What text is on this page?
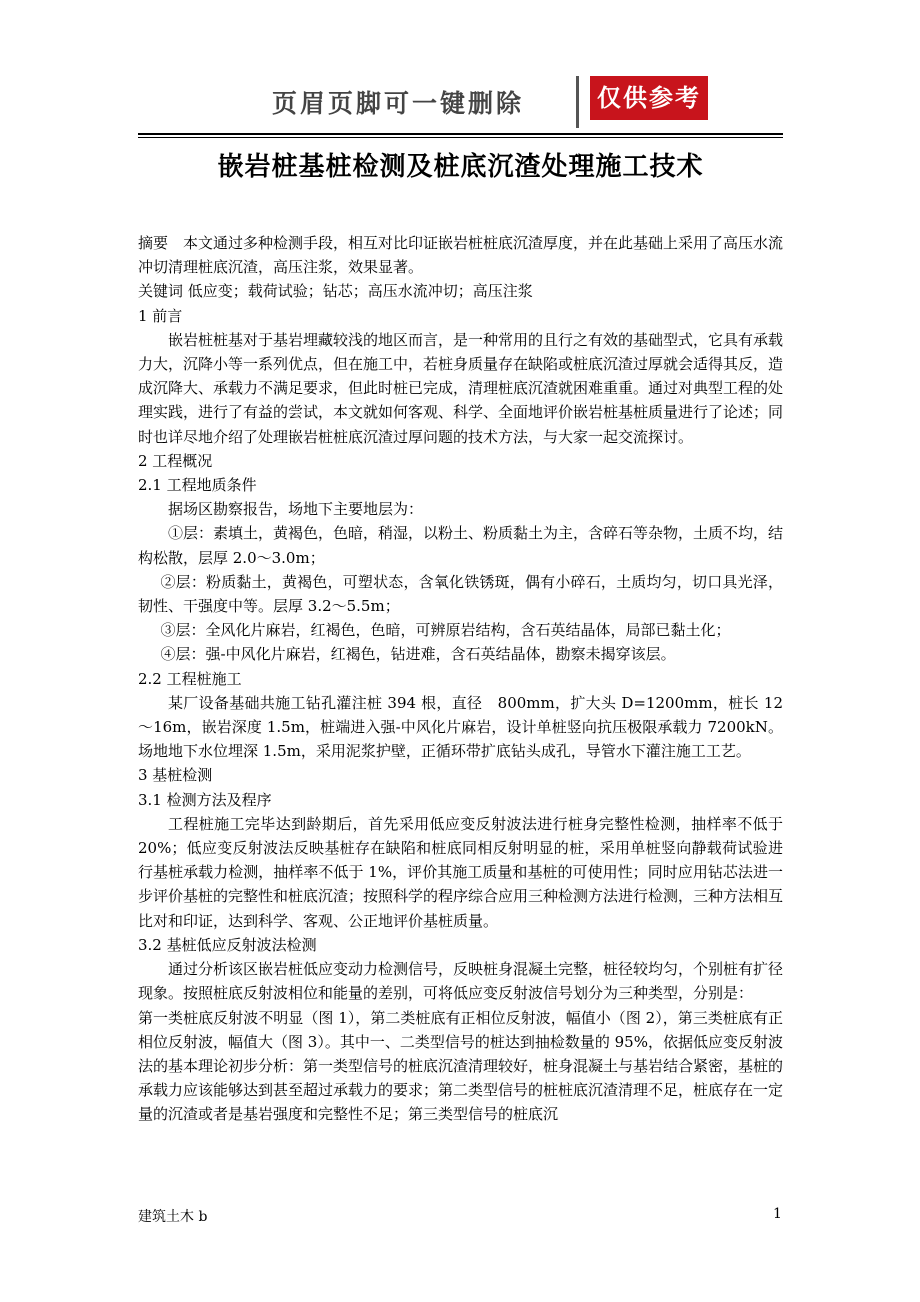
页眉页脚可一键删除	仅供参考
嵌岩桩基桩检测及桩底沉渣处理施工技术

摘要　本文通过多种检测手段，相互对比印证嵌岩桩桩底沉渣厚度，并在此基础上采用了高压水流冲切清理桩底沉渣，高压注浆，效果显著。

关键词 低应变；载荷试验；钻芯；高压水流冲切；高压注浆

1 前言

嵌岩桩桩基对于基岩埋藏较浅的地区而言，是一种常用的且行之有效的基础型式，它具有承载力大，沉降小等一系列优点，但在施工中，若桩身质量存在缺陷或桩底沉渣过厚就会适得其反，造成沉降大、承载力不满足要求，但此时桩已完成，清理桩底沉渣就困难重重。通过对典型工程的处理实践，进行了有益的尝试，本文就如何客观、科学、全面地评价嵌岩桩基桩质量进行了论述；同时也详尽地介绍了处理嵌岩桩桩底沉渣过厚问题的技术方法，与大家一起交流探讨。

2 工程概况

2.1 工程地质条件

据场区勘察报告，场地下主要地层为：

①层：素填土，黄褐色，色暗，稍湿，以粉土、粉质黏土为主，含碎石等杂物，土质不均，结构松散，层厚 2.0～3.0m；

②层：粉质黏土，黄褐色，可塑状态，含氧化铁锈斑，偶有小碎石，土质均匀，切口具光泽，韧性、干强度中等。层厚 3.2～5.5m；

③层：全风化片麻岩，红褐色，色暗，可辨原岩结构，含石英结晶体，局部已黏土化；

④层：强-中风化片麻岩，红褐色，钻进难，含石英结晶体，勘察未揭穿该层。

2.2 工程桩施工

某厂设备基础共施工钻孔灌注桩 394 根，直径　800mm，扩大头 D=1200mm，桩长 12～16m，嵌岩深度 1.5m，桩端进入强-中风化片麻岩，设计单桩竖向抗压极限承载力 7200kN。场地地下水位埋深 1.5m，采用泥浆护壁，正循环带扩底钻头成孔，导管水下灌注施工工艺。

3 基桩检测

3.1 检测方法及程序

工程桩施工完毕达到龄期后，首先采用低应变反射波法进行桩身完整性检测，抽样率不低于 20%；低应变反射波法反映基桩存在缺陷和桩底同相反射明显的桩，采用单桩竖向静载荷试验进行基桩承载力检测，抽样率不低于 1%，评价其施工质量和基桩的可使用性；同时应用钻芯法进一步评价基桩的完整性和桩底沉渣；按照科学的程序综合应用三种检测方法进行检测，三种方法相互比对和印证，达到科学、客观、公正地评价基桩质量。

3.2 基桩低应反射波法检测

通过分析该区嵌岩桩低应变动力检测信号，反映桩身混凝土完整，桩径较均匀，个别桩有扩径现象。按照桩底反射波相位和能量的差别，可将低应变反射波信号划分为三种类型，分别是：

第一类桩底反射波不明显（图 1），第二类桩底有正相位反射波，幅值小（图 2），第三类桩底有正相位反射波，幅值大（图 3）。其中一、二类型信号的桩达到抽检数量的 95%，依据低应变反射波法的基本理论初步分析：第一类型信号的桩底沉渣清理较好，桩身混凝土与基岩结合紧密，基桩的承载力应该能够达到甚至超过承载力的要求；第二类型信号的桩桩底沉渣清理不足，桩底存在一定量的沉渣或者是基岩强度和完整性不足；第三类型信号的桩底沉

建筑土木 b	1
